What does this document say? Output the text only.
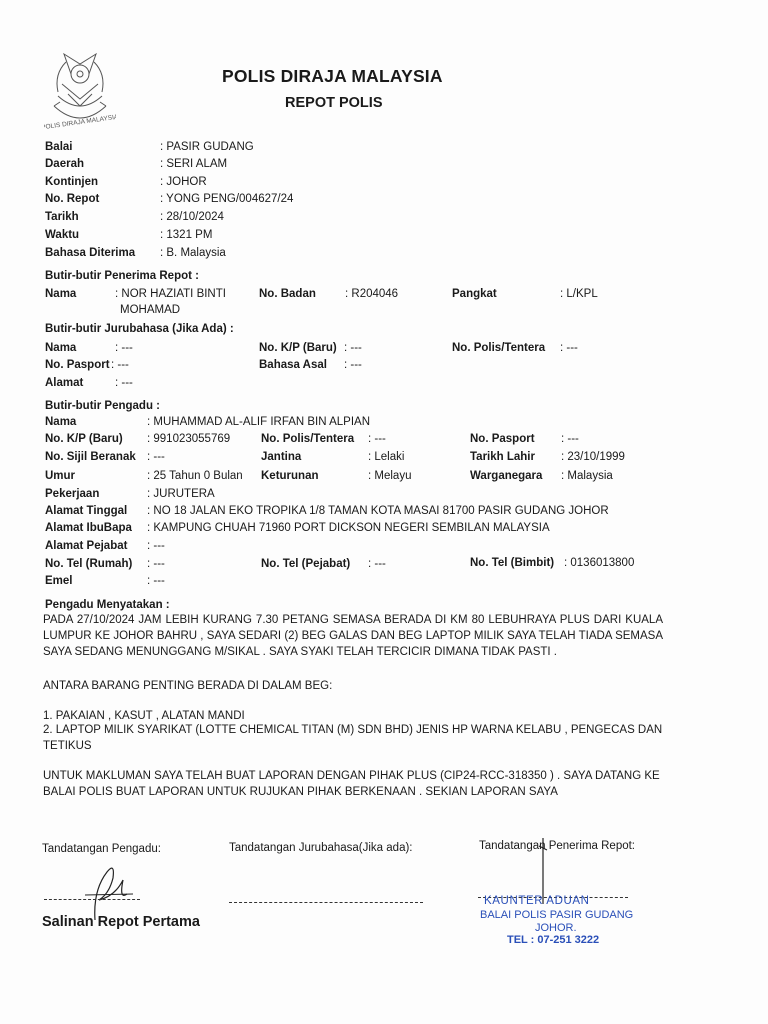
POLIS DIRAJA MALAYSIA
POLIS DIRAJA MALAYSIA
REPOT POLIS
Balai	: PASIR GUDANG
Daerah	: SERI ALAM
Kontinjen	: JOHOR
No. Repot	: YONG PENG/004627/24
Tarikh	: 28/10/2024
Waktu	: 1321 PM
Bahasa Diterima : B. Malaysia
Butir-butir Penerima Repot :
Nama	: NOR HAZIATI BINTI
MOHAMAD
No. Badan	: R204046	Pangkat	: L/KPL
Butir-butir Jurubahasa (Jika Ada) :
Nama	: ---	No. K/P (Baru) : ---	No. Polis/Tentera : ---
No. Pasport : ---	Bahasa Asal : ---
Alamat	: ---
Butir-butir Pengadu :
Nama	: MUHAMMAD AL-ALIF IRFAN BIN ALPIAN
No. K/P (Baru) : 991023055769	No. Polis/Tentera : ---	No. Pasport : ---
No. Sijil Beranak : ---	Jantina	: Lelaki	Tarikh Lahir : 23/10/1999
Umur	: 25 Tahun 0 Bulan Keturunan	: Melayu	Warganegara : Malaysia
Pekerjaan	: JURUTERA
Alamat Tinggal : NO 18 JALAN EKO TROPIKA 1/8 TAMAN KOTA MASAI 81700 PASIR GUDANG JOHOR
Alamat IbuBapa : KAMPUNG CHUAH 71960 PORT DICKSON NEGERI SEMBILAN MALAYSIA
Alamat Pejabat : ---
No. Tel (Rumah) : ---	No. Tel (Pejabat) : ---	No. Tel (Bimbit) : 0136013800
Emel	: ---
Pengadu Menyatakan :
PADA 27/10/2024 JAM LEBIH KURANG 7.30 PETANG SEMASA BERADA DI KM 80 LEBUHRAYA PLUS DARI KUALA LUMPUR KE JOHOR BAHRU , SAYA SEDARI (2) BEG GALAS DAN BEG LAPTOP MILIK SAYA TELAH TIADA SEMASA SAYA SEDANG MENUNGGANG M/SIKAL . SAYA SYAKI TELAH TERCICIR DIMANA TIDAK PASTI .
ANTARA BARANG PENTING BERADA DI DALAM BEG:
1. PAKAIAN , KASUT , ALATAN MANDI
2. LAPTOP MILIK SYARIKAT (LOTTE CHEMICAL TITAN (M) SDN BHD) JENIS HP WARNA KELABU , PENGECAS DAN TETIKUS
UNTUK MAKLUMAN SAYA TELAH BUAT LAPORAN DENGAN PIHAK PLUS (CIP24-RCC-318350 ) . SAYA DATANG KE BALAI POLIS BUAT LAPORAN UNTUK RUJUKAN PIHAK BERKENAAN . SEKIAN LAPORAN SAYA
Tandatangan Pengadu:	Tandatangan Jurubahasa(Jika ada):	Tandatangan Penerima Repot:
KAUNTER ADUAN
BALAI POLIS PASIR GUDANG
JOHOR.
TEL : 07-251 3222
Salinan Repot Pertama
